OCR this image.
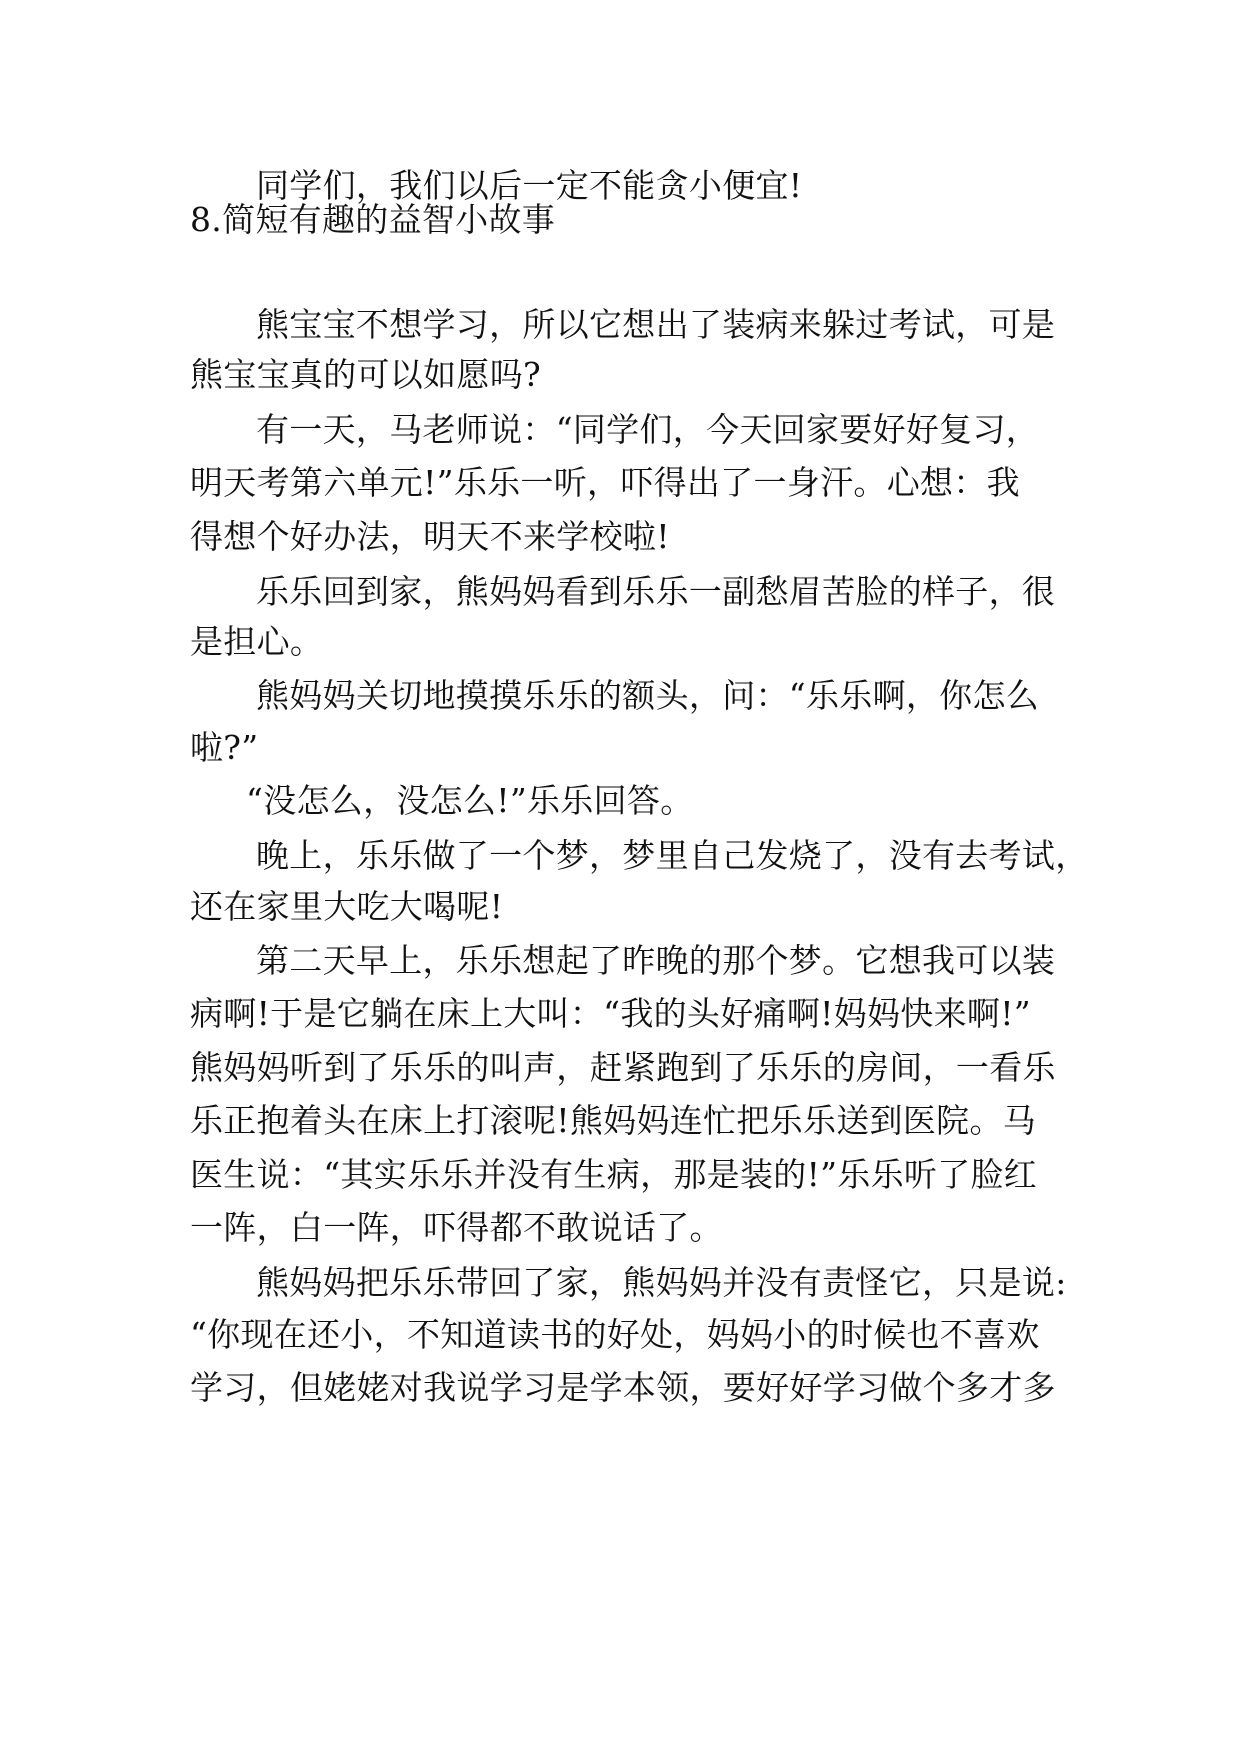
同学们，我们以后一定不能贪小便宜!
8.简短有趣的益智小故事
熊宝宝不想学习，所以它想出了装病来躲过考试，可是
熊宝宝真的可以如愿吗?
有一天，马老师说：“同学们，今天回家要好好复习，
明天考第六单元!”乐乐一听，吓得出了一身汗。心想：我
得想个好办法，明天不来学校啦!
乐乐回到家，熊妈妈看到乐乐一副愁眉苦脸的样子，很
是担心。
熊妈妈关切地摸摸乐乐的额头，问：“乐乐啊，你怎么
啦?”
“没怎么，没怎么!”乐乐回答。
晚上，乐乐做了一个梦，梦里自己发烧了，没有去考试，
还在家里大吃大喝呢!
第二天早上，乐乐想起了昨晚的那个梦。它想我可以装
病啊!于是它躺在床上大叫：“我的头好痛啊!妈妈快来啊!”
熊妈妈听到了乐乐的叫声，赶紧跑到了乐乐的房间，一看乐
乐正抱着头在床上打滚呢!熊妈妈连忙把乐乐送到医院。马
医生说：“其实乐乐并没有生病，那是装的!”乐乐听了脸红
一阵，白一阵，吓得都不敢说话了。
熊妈妈把乐乐带回了家，熊妈妈并没有责怪它，只是说:
“你现在还小，不知道读书的好处，妈妈小的时候也不喜欢
学习，但姥姥对我说学习是学本领，要好好学习做个多才多
